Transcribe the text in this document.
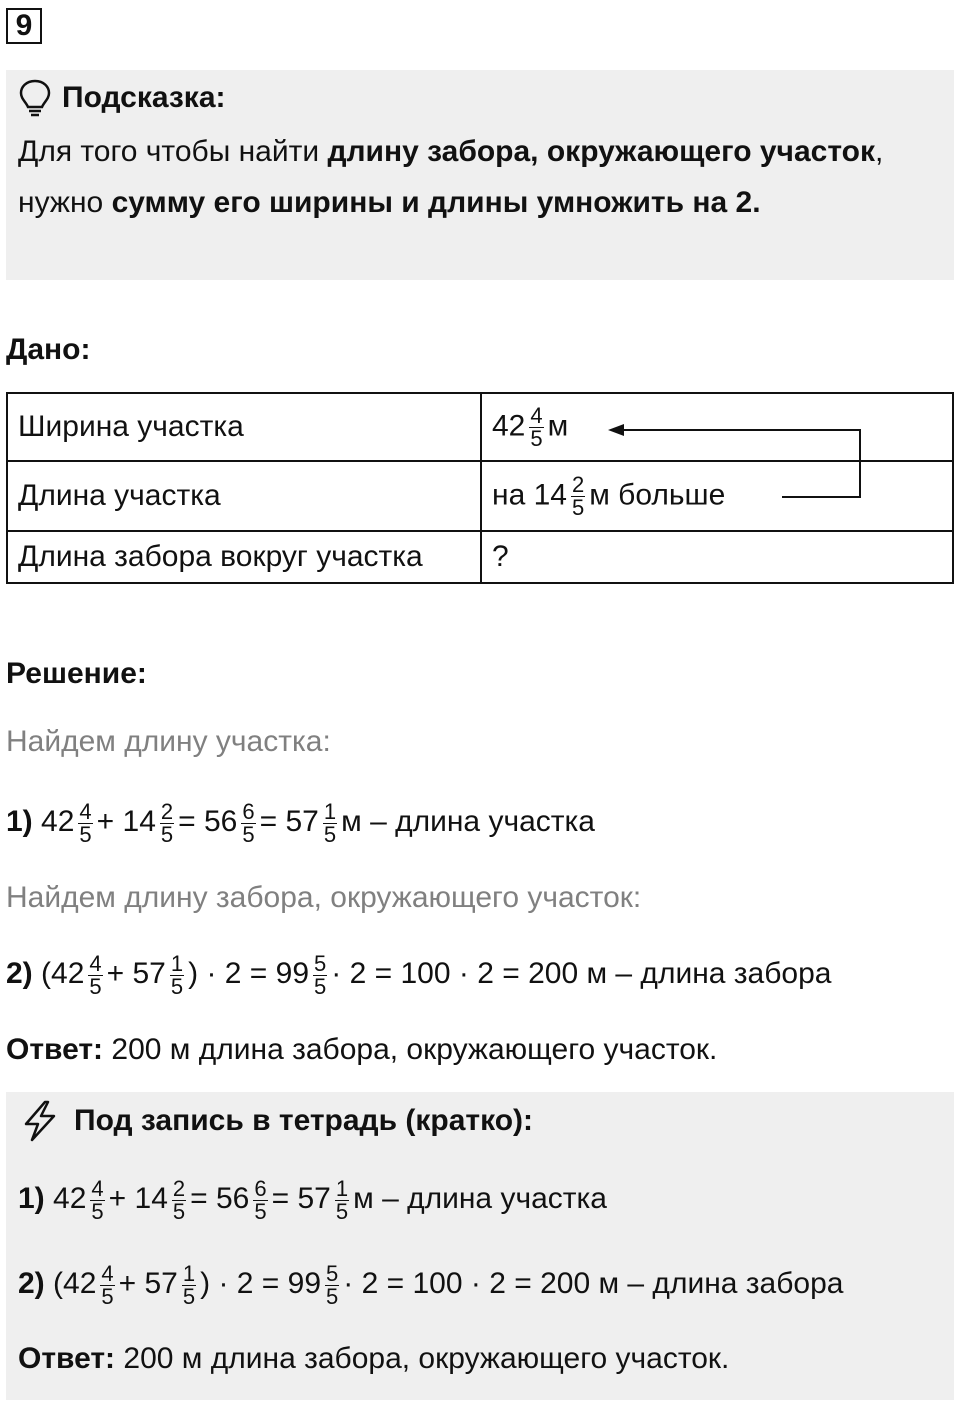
9
Подсказка:
Для того чтобы найти длину забора, окружающего участок, нужно сумму его ширины и длины умножить на 2.
Дано:
Ширина участка	$42 \frac{4}{5}$ м
Длина участка	на $14 \frac{2}{5}$ м больше
Длина забора вокруг участка	?
Решение:
Найдем длину участка:
1) $42 \frac{4}{5} + 14 \frac{2}{5} = 56 \frac{6}{5} = 57 \frac{1}{5}$ м – длина участка
Найдем длину забора, окружающего участок:
2) ($42 \frac{4}{5} + 57 \frac{1}{5}$ ) · $2 = 99 \frac{5}{5} \cdot 2 = 100 \cdot 2 = 200$ м – длина забора
Ответ: 200 м длина забора, окружающего участок.
Под запись в тетрадь (кратко):
1) $42 \frac{4}{5} + 14 \frac{2}{5} = 56 \frac{6}{5} = 57 \frac{1}{5}$ м – длина участка
2) ($42 \frac{4}{5} + 57 \frac{1}{5}$ ) · $2 = 99 \frac{5}{5} \cdot 2 = 100 \cdot 2 = 200$ м – длина забора
Ответ: 200 м длина забора, окружающего участок.
